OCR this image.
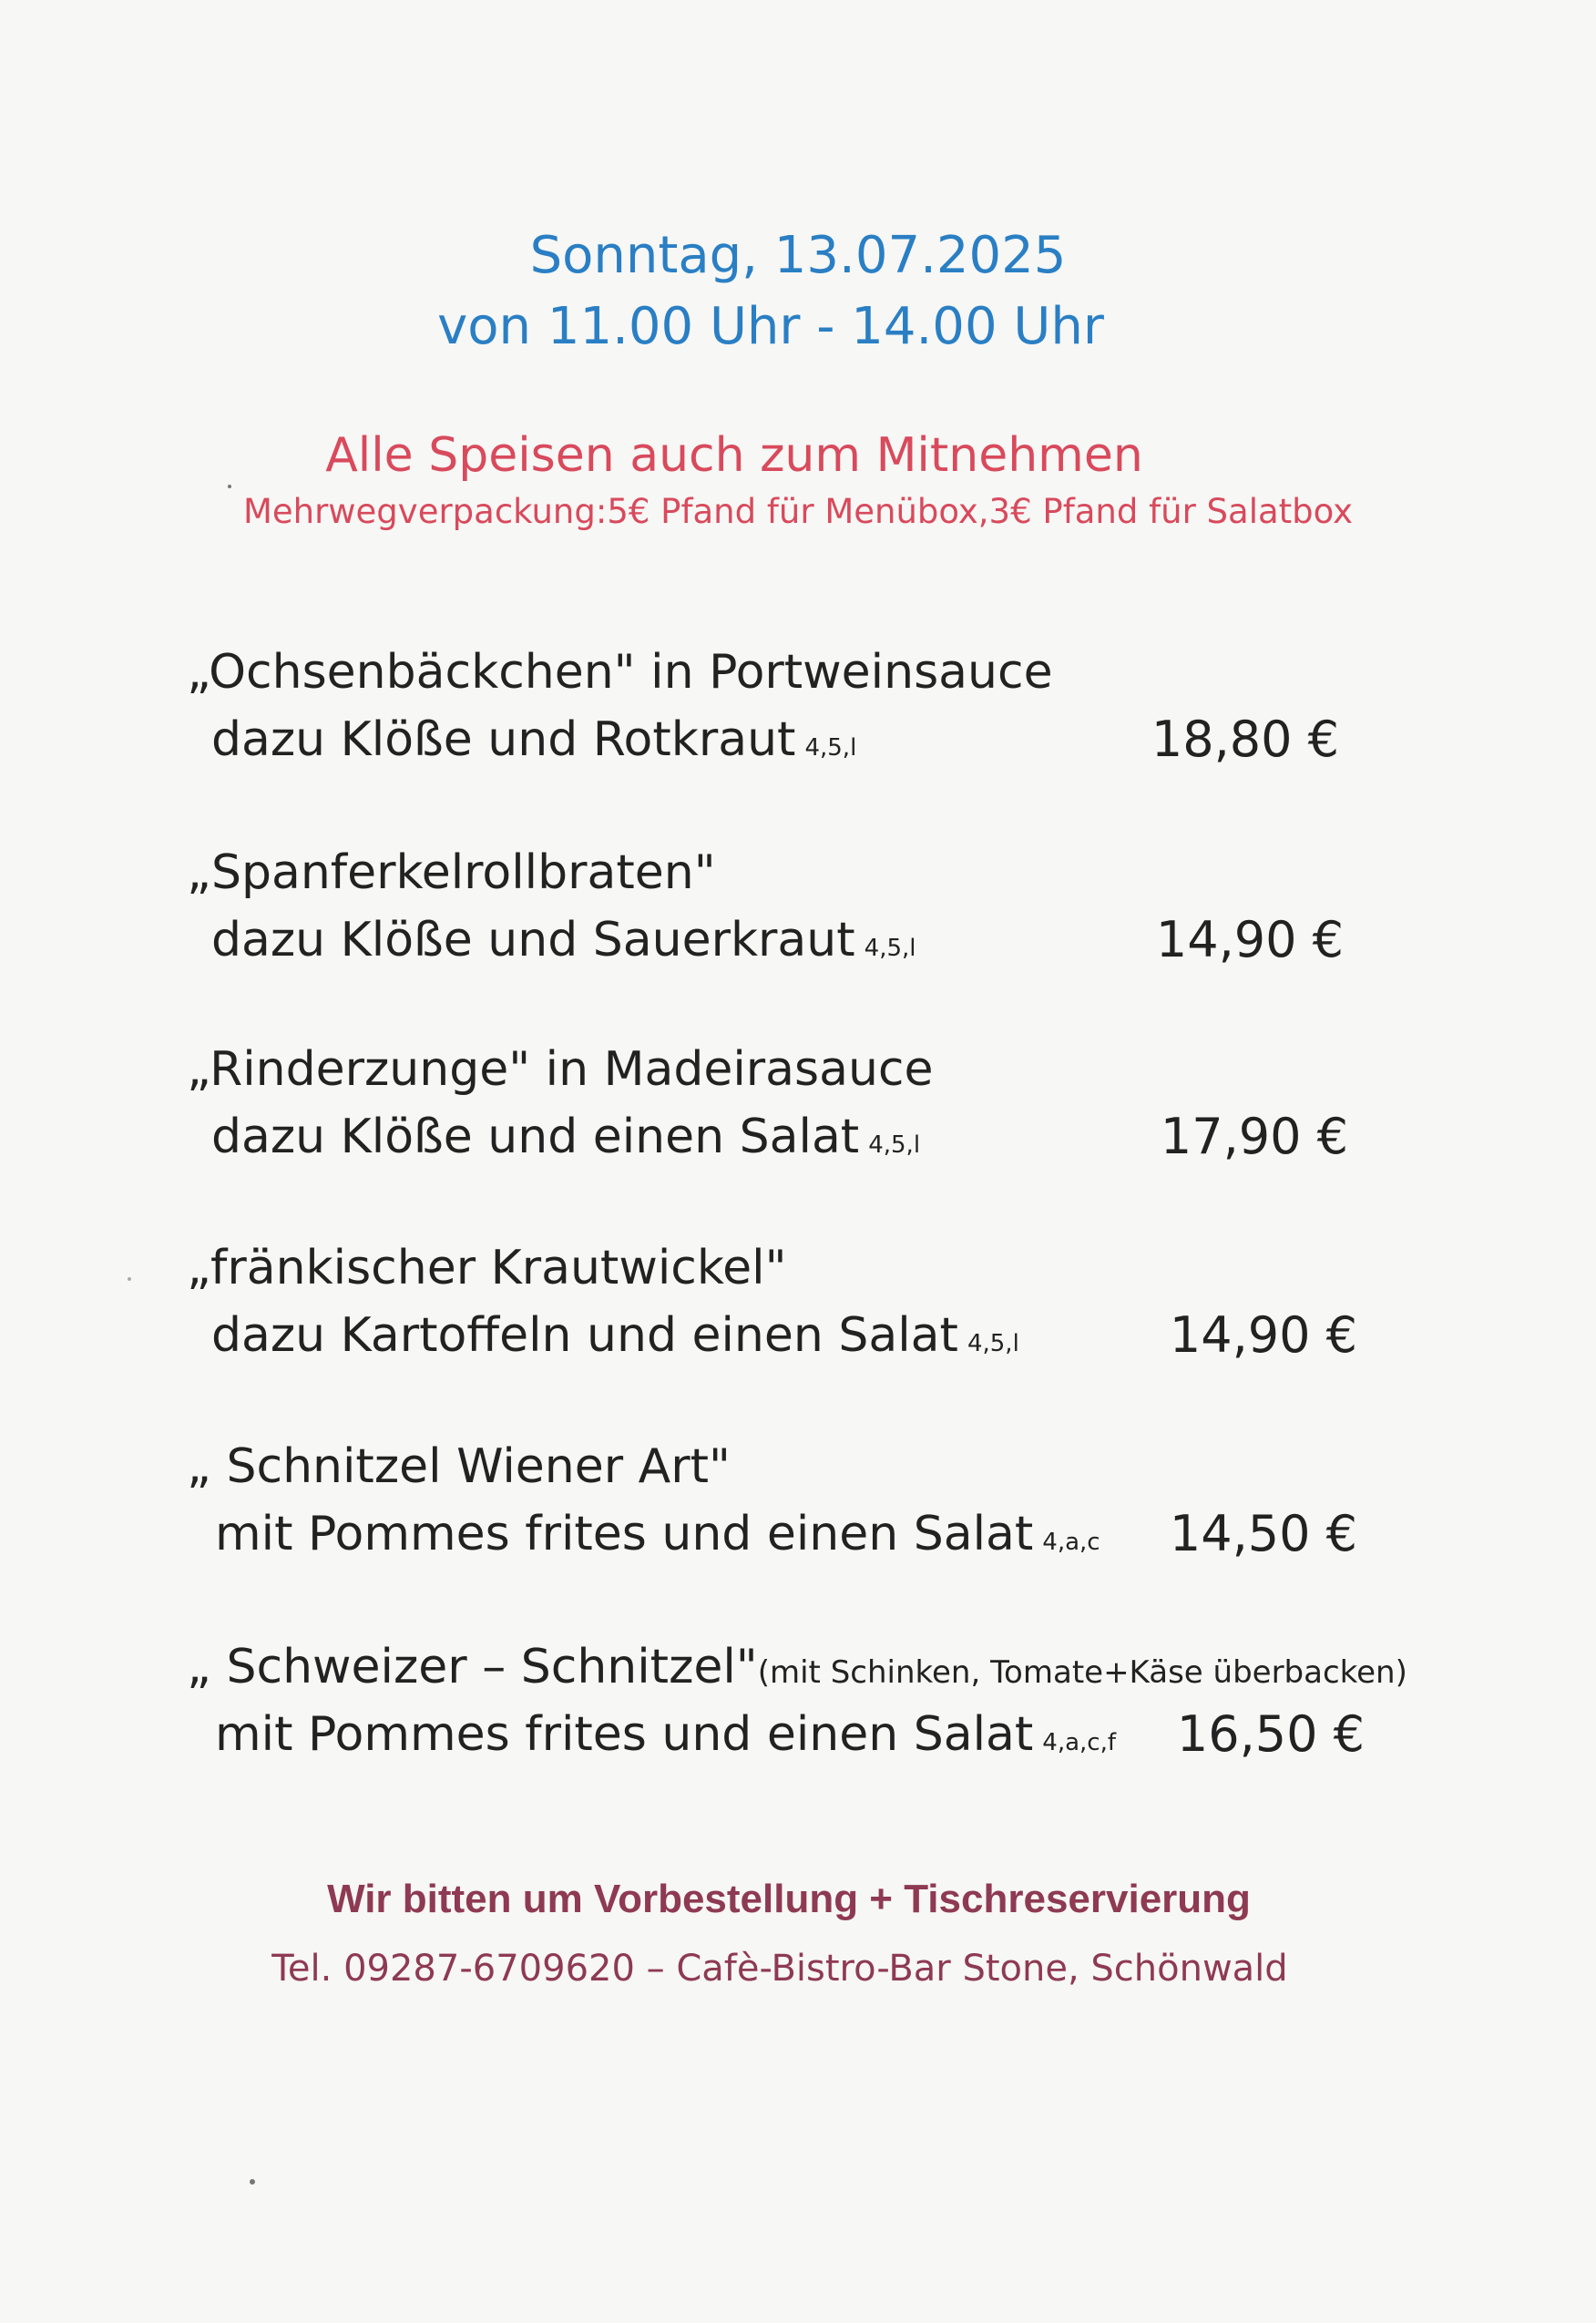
Sonntag, 13.07.2025
von 11.00 Uhr - 14.00 Uhr
Alle Speisen auch zum Mitnehmen
Mehrwegverpackung:5€ Pfand für Menübox,3€ Pfand für Salatbox
„Ochsenbäckchen" in Portweinsauce
dazu Klöße und Rotkraut 4,5,l	18,80 €
„Spanferkelrollbraten"
dazu Klöße und Sauerkraut 4,5,l	14,90 €
„Rinderzunge" in Madeirasauce
dazu Klöße und einen Salat 4,5,l	17,90 €
„fränkischer Krautwickel"
dazu Kartoffeln und einen Salat 4,5,l	14,90 €
„ Schnitzel Wiener Art"
mit Pommes frites und einen Salat 4,a,c	14,50 €
„ Schweizer – Schnitzel"(mit Schinken, Tomate+Käse überbacken)
mit Pommes frites und einen Salat 4,a,c,f	16,50 €
Wir bitten um Vorbestellung + Tischreservierung
Tel. 09287-6709620 – Cafè-Bistro-Bar Stone, Schönwald
